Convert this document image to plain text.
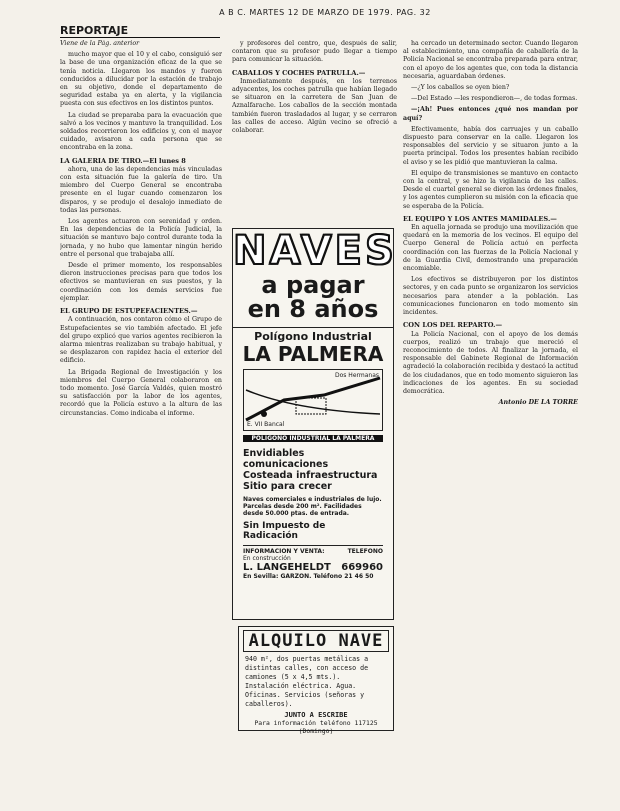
A B C. MARTES 12 DE MARZO DE 1979. PAG. 32
REPORTAJE

Viene de la Pág. anterior

mucho mayor que el 10 y el cabo, consiguió ser la base de una organización eficaz de la que se tenía noticia. Llegaron los mandos y fueron conducidos a dilucidar por la estación de trabajo en su objetivo, donde el departamento de seguridad estaba ya en alerta, y la vigilancia puesta con sus efectivos en los distintos puntos.

La ciudad se preparaba para la evacuación que salvó a los vecinos y mantuvo la tranquilidad. Los soldados recorrieron los edificios y, con el mayor cuidado, avisaron a cada persona que se encontraba en la zona.

LA GALERIA DE TIRO.—El lunes 8

ahora, una de las dependencias más vinculadas con esta situación fue la galería de tiro. Un miembro del Cuerpo General se encontraba presente en el lugar cuando comenzaron los disparos, y se produjo el desalojo inmediato de todas las personas.

Los agentes actuaron con serenidad y orden. En las dependencias de la Policía Judicial, la situación se mantuvo bajo control durante toda la jornada, y no hubo que lamentar ningún herido entre el personal que trabajaba allí.

Desde el primer momento, los responsables dieron instrucciones precisas para que todos los efectivos se mantuvieran en sus puestos, y la coordinación con los demás servicios fue ejemplar.

EL GRUPO DE ESTUPEFACIENTES.—

A continuación, nos contaron cómo el Grupo de Estupefacientes se vio también afectado. El jefe del grupo explicó que varios agentes recibieron la alarma mientras realizaban su trabajo habitual, y se desplazaron con rapidez hacia el exterior del edificio.

La Brigada Regional de Investigación y los miembros del Cuerpo General colaboraron en todo momento. José García Valdés, quien mostró su satisfacción por la labor de los agentes, recordó que la Policía estuvo a la altura de las circunstancias. Como indicaba el informe.

y profesores del centro, que, después de salir, contaron que su profesor pudo llegar a tiempo para comunicar la situación.

CABALLOS Y COCHES PATRULLA.—

Inmediatamente después, en los terrenos adyacentes, los coches patrulla que habían llegado se situaron en la carretera de San Juan de Aznalfarache. Los caballos de la sección montada también fueron trasladados al lugar, y se cerraron las calles de acceso. Algún vecino se ofreció a colaborar.

NAVES
a pagar
en 8 años
Polígono Industrial
LA PALMERA
E. VII Bancal
Dos Hermanas
POLIGONO INDUSTRIAL LA PALMERA
Envidiables comunicaciones
Costeada infraestructura
Sitio para crecer
Naves comerciales e industriales de lujo. Parcelas desde 200 m². Facilidades desde 50.000 ptas. de entrada.
Sin Impuesto de Radicación
INFORMACION Y VENTA:	TELEFONO
En construcción
L. LANGEHELDT 669960
En Sevilla: GARZON. Teléfono 21 46 50
ALQUILO NAVE
940 m², dos puertas metálicas a distintas calles, con acceso de camiones (5 x 4,5 mts.). Instalación eléctrica. Agua. Oficinas. Servicios (señoras y caballeros).
JUNTO A ESCRIBE
Para información teléfono 117125 (Domingo)

ha cercado un determinado sector. Cuando llegaron al establecimiento, una compañía de caballería de la Policía Nacional se encontraba preparada para entrar, con el apoyo de los agentes que, con toda la distancia necesaria, aguardaban órdenes.

—¿Y los caballos se oyen bien?

—Del Estado —les respondieron—, de todas formas.

—¡Ah! Pues entonces ¿qué nos mandan por aquí?

Efectivamente, había dos carruajes y un caballo dispuesto para conservar en la calle. Llegaron los responsables del servicio y se situaron junto a la puerta principal. Todos los presentes habían recibido el aviso y se les pidió que mantuvieran la calma.

El equipo de transmisiones se mantuvo en contacto con la central, y se hizo la vigilancia de las calles. Desde el cuartel general se dieron las órdenes finales, y los agentes cumplieron su misión con la eficacia que se esperaba de la Policía.

EL EQUIPO Y LOS ANTES MAMIDALES.—

En aquella jornada se produjo una movilización que quedará en la memoria de los vecinos. El equipo del Cuerpo General de Policía actuó en perfecta coordinación con las fuerzas de la Policía Nacional y de la Guardia Civil, demostrando una preparación encomiable.

Los efectivos se distribuyeron por los distintos sectores, y en cada punto se organizaron los servicios necesarios para atender a la población. Las comunicaciones funcionaron en todo momento sin incidentes.

CON LOS DEL REPARTO.—

La Policía Nacional, con el apoyo de los demás cuerpos, realizó un trabajo que mereció el reconocimiento de todos. Al finalizar la jornada, el responsable del Gabinete Regional de Información agradeció la colaboración recibida y destacó la actitud de los ciudadanos, que en todo momento siguieron las indicaciones de los agentes. En su sociedad democrática.

Antonio DE LA TORRE
